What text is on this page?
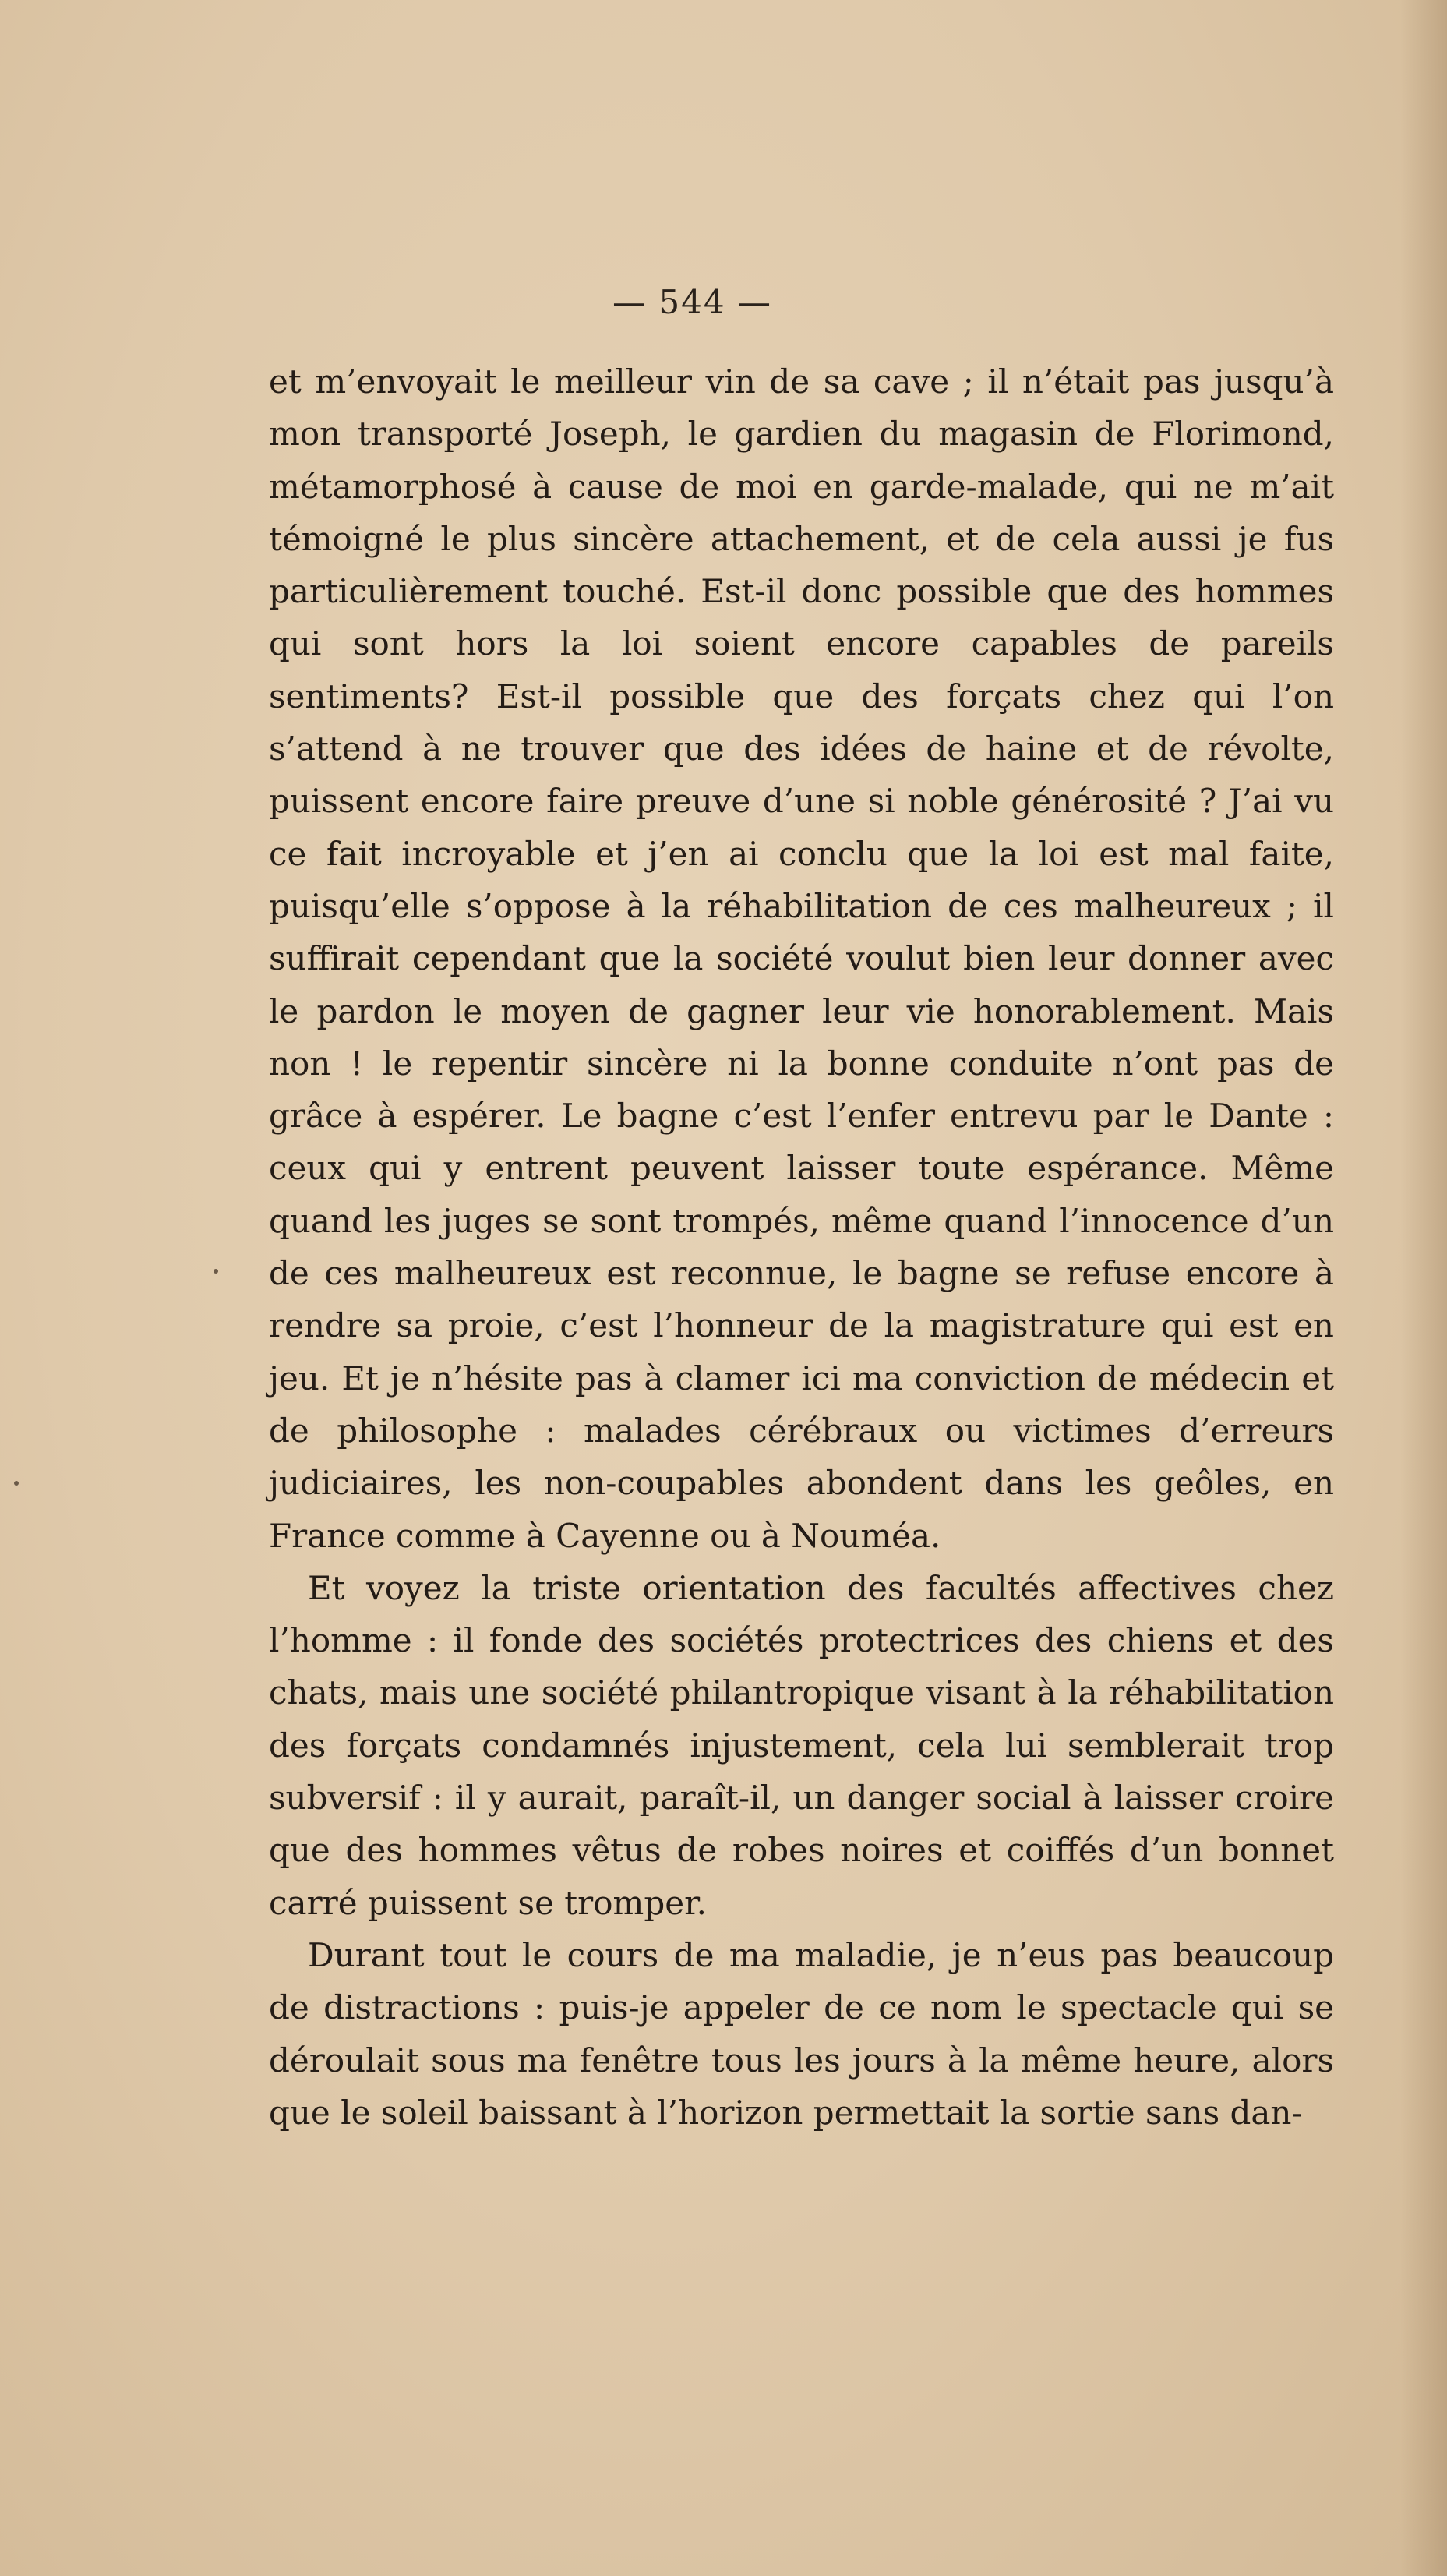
— 544 —

et m’envoyait le meilleur vin de sa cave ; il n’était pas jusqu’à mon transporté Joseph, le gardien du magasin de Florimond, métamorphosé à cause de moi en garde-malade, qui ne m’ait témoigné le plus sincère attachement, et de cela aussi je fus particulièrement touché. Est-il donc possible que des hommes qui sont hors la loi soient encore capables de pareils sentiments? Est-il possible que des forçats chez qui l’on s’attend à ne trouver que des idées de haine et de révolte, puissent encore faire preuve d’une si noble générosité ? J’ai vu ce fait incroyable et j’en ai conclu que la loi est mal faite, puisqu’elle s’oppose à la réhabilitation de ces malheureux ; il suffirait cependant que la société voulut bien leur donner avec le pardon le moyen de gagner leur vie honorablement. Mais non ! le repentir sincère ni la bonne conduite n’ont pas de grâce à espérer. Le bagne c’est l’enfer entrevu par le Dante : ceux qui y entrent peuvent laisser toute espérance. Même quand les juges se sont trompés, même quand l’innocence d’un de ces malheureux est reconnue, le bagne se refuse encore à rendre sa proie, c’est l’honneur de la magistrature qui est en jeu. Et je n’hésite pas à clamer ici ma conviction de médecin et de philosophe : malades cérébraux ou victimes d’erreurs judiciaires, les non-coupables abondent dans les geôles, en France comme à Cayenne ou à Nouméa.

Et voyez la triste orientation des facultés affectives chez l’homme : il fonde des sociétés protectrices des chiens et des chats, mais une société philantropique visant à la réhabilitation des forçats condamnés injustement, cela lui semblerait trop subversif : il y aurait, paraît-il, un danger social à laisser croire que des hommes vêtus de robes noires et coiffés d’un bonnet carré puissent se tromper.

Durant tout le cours de ma maladie, je n’eus pas beaucoup de distractions : puis-je appeler de ce nom le spectacle qui se déroulait sous ma fenêtre tous les jours à la même heure, alors que le soleil baissant à l’horizon permettait la sortie sans dan-
